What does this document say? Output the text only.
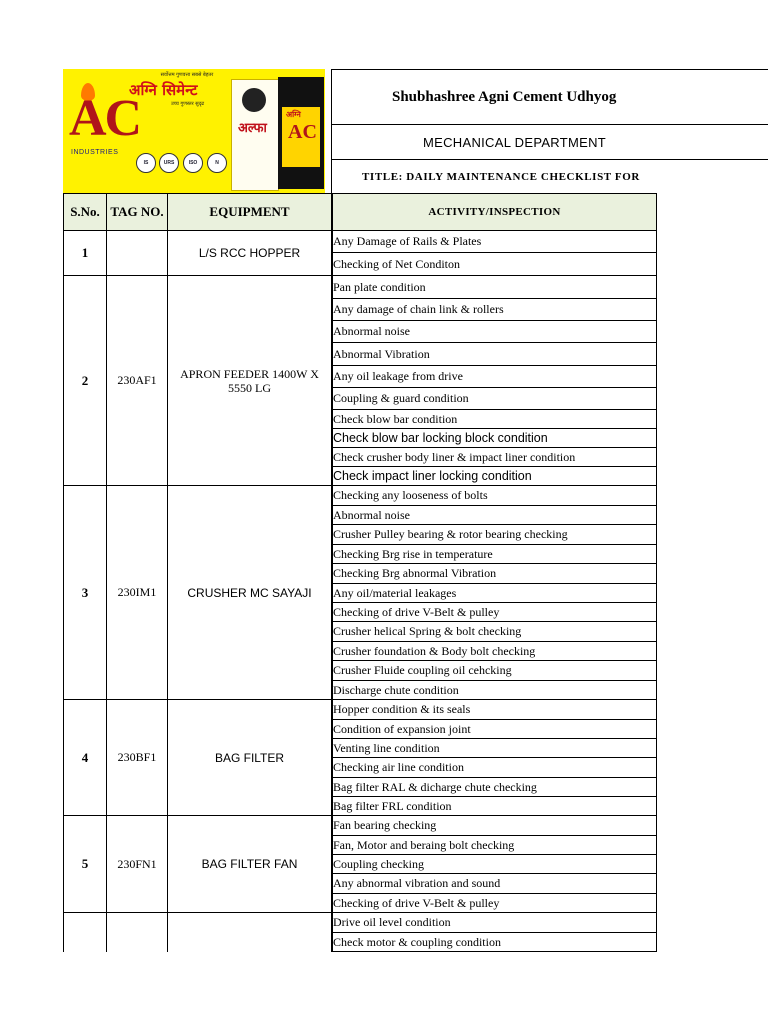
सर्वोत्तम गुणवत्ता सबसे बेहतर
AC
INDUSTRIES
अग्नि सिमेन्ट
उच्च गुणस्तर सुदृढ
IS	URS	ISO	N
अल्फा
अग्नि
AC
Shubhashree Agni Cement Udhyog
MECHANICAL DEPARTMENT
TITLE: DAILY MAINTENANCE CHECKLIST FOR
S.No.	TAG NO.	EQUIPMENT		ACTIVITY/INSPECTION
1		L/S RCC HOPPER		Any Damage of Rails & Plates
			Checking of Net Conditon
2	230AF1	APRON FEEDER 1400W X 5550 LG		Pan plate condition
			Any damage of chain link & rollers
			Abnormal noise
			Abnormal Vibration
			Any oil leakage from drive
			Coupling & guard condition
			Check blow bar condition
			Check blow bar locking block condition
			Check crusher body liner & impact liner condition
			Check impact liner locking condition
3	230IM1	CRUSHER MC SAYAJI		Checking any looseness of bolts
			Abnormal noise
			Crusher Pulley bearing & rotor bearing checking
			Checking Brg rise in temperature
			Checking Brg abnormal Vibration
			Any oil/material leakages
			Checking of drive V-Belt & pulley
			Crusher helical Spring & bolt checking
			Crusher foundation & Body bolt checking
			Crusher Fluide coupling oil cehcking
			Discharge chute condition
4	230BF1	BAG FILTER		Hopper condition & its seals
			Condition of expansion joint
			Venting line condition
			Checking air line condition
			Bag filter RAL & dicharge chute checking
			Bag filter FRL condition
5	230FN1	BAG FILTER FAN		Fan bearing checking
			Fan, Motor and beraing bolt checking
			Coupling checking
			Any abnormal vibration and sound
			Checking of drive V-Belt & pulley
				Drive oil level condition
			Check motor & coupling condition
